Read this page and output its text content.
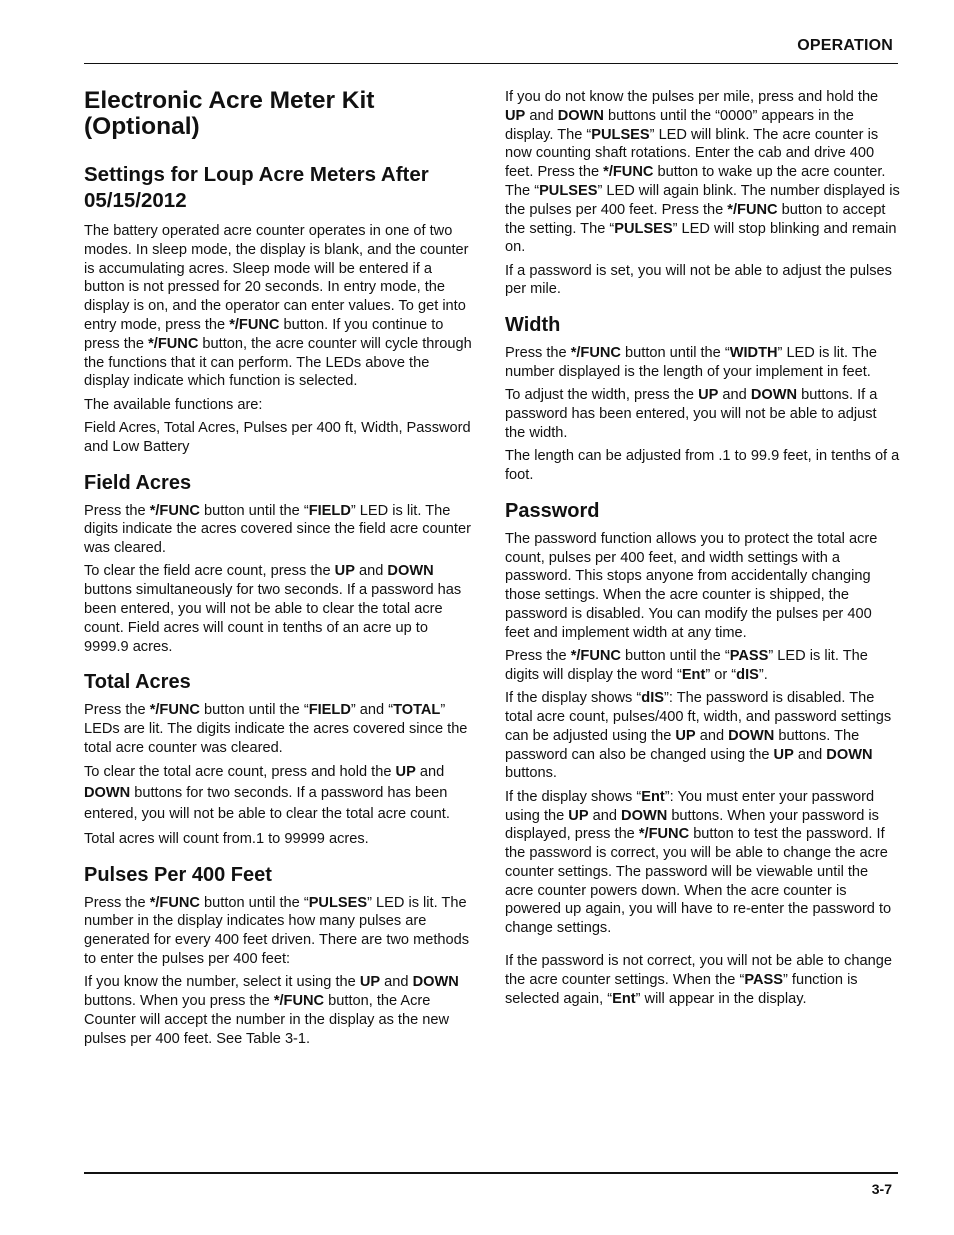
OPERATION
Electronic Acre Meter Kit (Optional)
Settings for Loup Acre Meters After 05/15/2012

The battery operated acre counter operates in one of two modes. In sleep mode, the display is blank, and the counter is accumulating acres. Sleep mode will be entered if a button is not pressed for 20 seconds. In entry mode, the display is on, and the operator can enter values. To get into entry mode, press the */FUNC button. If you continue to press the */FUNC button, the acre counter will cycle through the functions that it can perform. The LEDs above the display indicate which function is selected.

The available functions are:

Field Acres, Total Acres, Pulses per 400 ft, Width, Password and Low Battery

Field Acres

Press the */FUNC button until the “FIELD” LED is lit. The digits indicate the acres covered since the field acre counter was cleared.

To clear the field acre count, press the UP and DOWN buttons simultaneously for two seconds. If a password has been entered, you will not be able to clear the total acre count. Field acres will count in tenths of an acre up to 9999.9 acres.

Total Acres

Press the */FUNC button until the “FIELD” and “TOTAL” LEDs are lit. The digits indicate the acres covered since the total acre counter was cleared.

To clear the total acre count, press and hold the UP and DOWN buttons for two seconds. If a password has been entered, you will not be able to clear the total acre count.

Total acres will count from.1 to 99999 acres.

Pulses Per 400 Feet

Press the */FUNC button until the “PULSES” LED is lit. The number in the display indicates how many pulses are generated for every 400 feet driven. There are two methods to enter the pulses per 400 feet:

If you know the number, select it using the UP and DOWN buttons. When you press the */FUNC button, the Acre Counter will accept the number in the display as the new pulses per 400 feet. See Table 3-1.

If you do not know the pulses per mile, press and hold the UP and DOWN buttons until the “0000” appears in the display. The “PULSES” LED will blink. The acre counter is now counting shaft rotations. Enter the cab and drive 400 feet. Press the */FUNC button to wake up the acre counter. The “PULSES” LED will again blink. The number displayed is the pulses per 400 feet. Press the */FUNC button to accept the setting. The “PULSES” LED will stop blinking and remain on.

If a password is set, you will not be able to adjust the pulses per mile.

Width

Press the */FUNC button until the “WIDTH” LED is lit. The number displayed is the length of your implement in feet.

To adjust the width, press the UP and DOWN buttons. If a password has been entered, you will not be able to adjust the width.

The length can be adjusted from .1 to 99.9 feet, in tenths of a foot.

Password

The password function allows you to protect the total acre count, pulses per 400 feet, and width settings with a password. This stops anyone from accidentally changing those settings. When the acre counter is shipped, the password is disabled. You can modify the pulses per 400 feet and implement width at any time.

Press the */FUNC button until the “PASS” LED is lit. The digits will display the word “Ent” or “dIS”.

If the display shows “dIS”: The password is disabled. The total acre count, pulses/400 ft, width, and password settings can be adjusted using the UP and DOWN buttons. The password can also be changed using the UP and DOWN buttons.

If the display shows “Ent”: You must enter your password using the UP and DOWN buttons. When your password is displayed, press the */FUNC button to test the password. If the password is correct, you will be able to change the acre counter settings. The password will be viewable until the acre counter powers down. When the acre counter is powered up again, you will have to re-enter the password to change settings.

If the password is not correct, you will not be able to change the acre counter settings. When the “PASS” function is selected again, “Ent” will appear in the display.

3-7
